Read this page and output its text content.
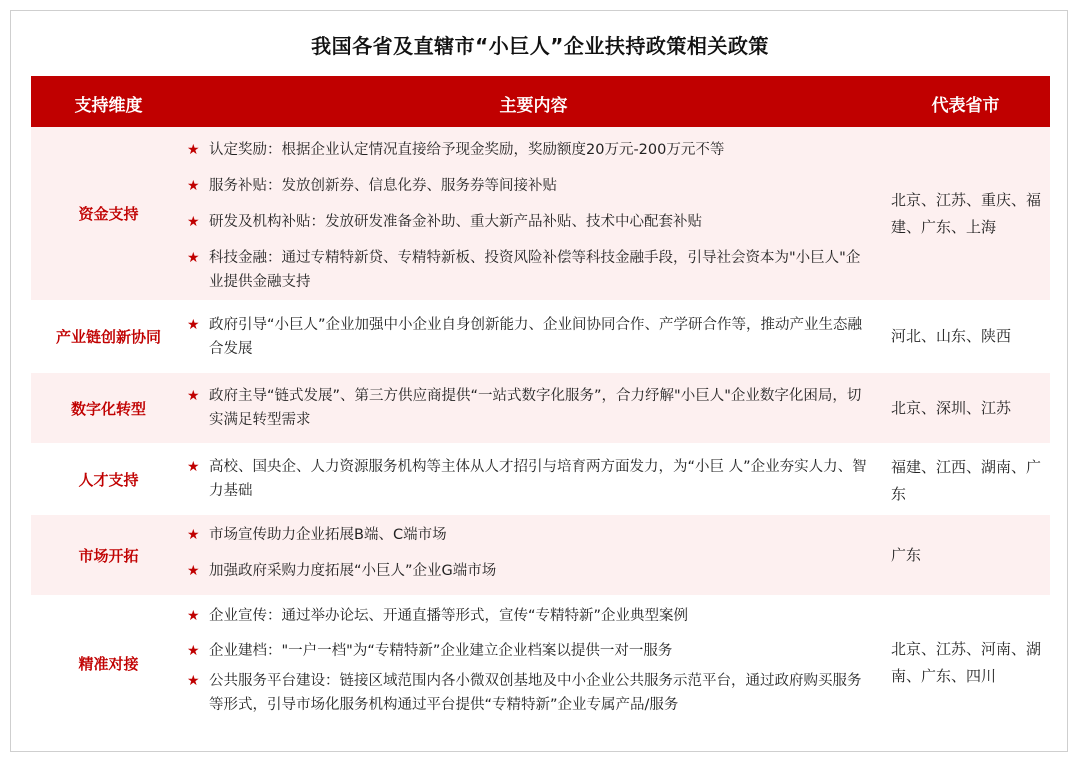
我国各省及直辖市“小巨人”企业扶持政策相关政策
支持维度	主要内容	代表省市
资金支持
★ 认定奖励：根据企业认定情况直接给予现金奖励，奖励额度20万元-200万元不等
★ 服务补贴：发放创新券、信息化券、服务券等间接补贴
★ 研发及机构补贴：发放研发准备金补助、重大新产品补贴、技术中心配套补贴
★ 科技金融：通过专精特新贷、专精特新板、投资风险补偿等科技金融手段，引导社会资本为"小巨人"企业提供金融支持
北京、江苏、重庆、福建、广东、上海
产业链创新协同
★ 政府引导“小巨人”企业加强中小企业自身创新能力、企业间协同合作、产学研合作等，推动产业生态融合发展
河北、山东、陕西
数字化转型
★ 政府主导“链式发展”、第三方供应商提供“一站式数字化服务”，合力纾解"小巨人"企业数字化困局，切实满足转型需求
北京、深圳、江苏
人才支持
★ 高校、国央企、人力资源服务机构等主体从人才招引与培育两方面发力，为“小巨 人”企业夯实人力、智力基础
福建、江西、湖南、广东
市场开拓
★ 市场宣传助力企业拓展B端、C端市场
★ 加强政府采购力度拓展“小巨人”企业G端市场
广东
精准对接
★ 企业宣传：通过举办论坛、开通直播等形式，宣传“专精特新”企业典型案例
★ 企业建档："一户一档"为“专精特新”企业建立企业档案以提供一对一服务
★ 公共服务平台建设：链接区域范围内各小微双创基地及中小企业公共服务示范平台，通过政府购买服务等形式，引导市场化服务机构通过平台提供“专精特新”企业专属产品/服务
北京、江苏、河南、湖南、广东、四川
